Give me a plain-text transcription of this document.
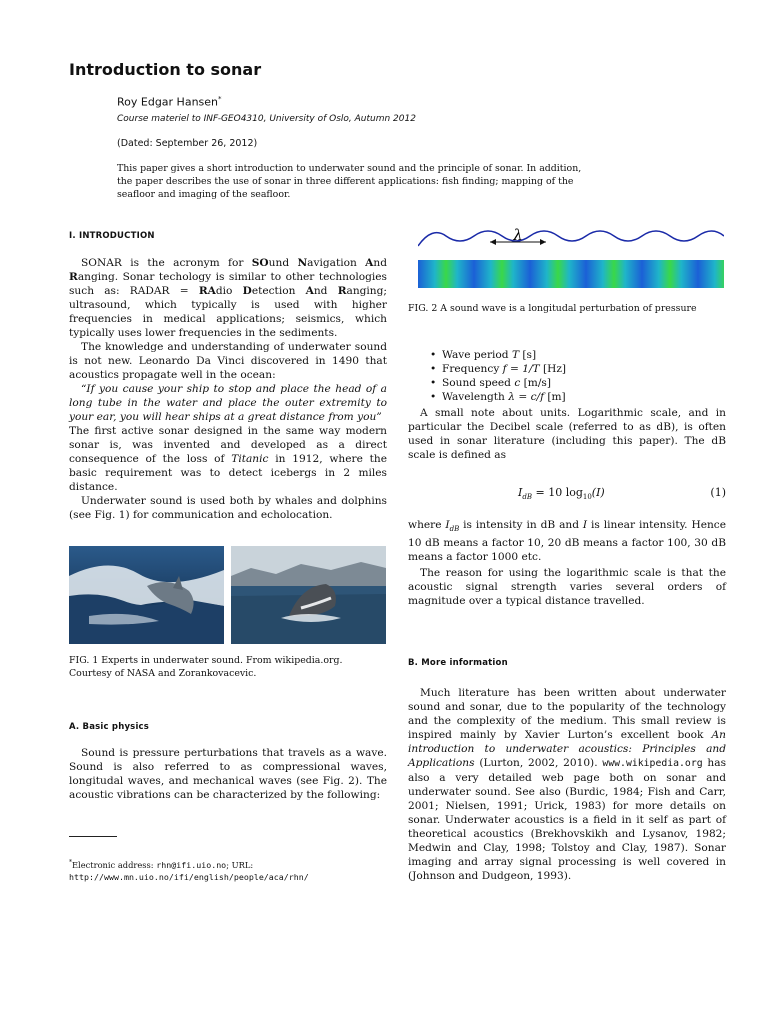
Introduction to sonar
Roy Edgar Hansen*
Course materiel to INF-GEO4310, University of Oslo, Autumn 2012
(Dated: September 26, 2012)
This paper gives a short introduction to underwater sound and the principle of sonar. In addition, the paper describes the use of sonar in three different applications: fish finding; mapping of the seafloor and imaging of the seafloor.
I. INTRODUCTION

SONAR is the acronym for SOund Navigation And Ranging. Sonar techology is similar to other technologies such as: RADAR = RAdio Detection And Ranging; ultrasound, which typically is used with higher frequencies in medical applications; seismics, which typically uses lower frequencies in the sediments.

The knowledge and understanding of underwater sound is not new. Leonardo Da Vinci discovered in 1490 that acoustics propagate well in the ocean:

“If you cause your ship to stop and place the head of a long tube in the water and place the outer extremity to your ear, you will hear ships at a great distance from you”

The first active sonar designed in the same way modern sonar is, was invented and developed as a direct consequence of the loss of Titanic in 1912, where the basic requirement was to detect icebergs in 2 miles distance.

Underwater sound is used both by whales and dolphins (see Fig. 1) for communication and echolocation.

FIG. 1 Experts in underwater sound. From wikipedia.org. Courtesy of NASA and Zorankovacevic.
A. Basic physics

Sound is pressure perturbations that travels as a wave. Sound is also referred to as compressional waves, longitudal waves, and mechanical waves (see Fig. 2). The acoustic vibrations can be characterized by the following:

*Electronic address: rhn@ifi.uio.no; URL: http://www.mn.uio.no/ifi/english/people/aca/rhn/
λ
FIG. 2 A sound wave is a longitudal perturbation of pressure
• Wave period T [s]
• Frequency f = 1/T [Hz]
• Sound speed c [m/s]
• Wavelength λ = c/f [m]

A small note about units. Logarithmic scale, and in particular the Decibel scale (referred to as dB), is often used in sonar literature (including this paper). The dB scale is defined as

$I_{dB} = 10$ $\log_{10}(I)$	(1)

where $I_{dB}$ is intensity in dB and I is linear intensity. Hence 10 dB means a factor 10, 20 dB means a factor 100, 30 dB means a factor 1000 etc.

The reason for using the logarithmic scale is that the acoustic signal strength varies several orders of magnitude over a typical distance travelled.

B. More information

Much literature has been written about underwater sound and sonar, due to the popularity of the technology and the complexity of the medium. This small review is inspired mainly by Xavier Lurton’s excellent book An introduction to underwater acoustics: Principles and Applications (Lurton, 2002, 2010). www.wikipedia.org has also a very detailed web page both on sonar and underwater sound. See also (Burdic, 1984; Fish and Carr, 2001; Nielsen, 1991; Urick, 1983) for more details on sonar. Underwater acoustics is a field in it self as part of theoretical acoustics (Brekhovskikh and Lysanov, 1982; Medwin and Clay, 1998; Tolstoy and Clay, 1987). Sonar imaging and array signal processing is well covered in (Johnson and Dudgeon, 1993).
